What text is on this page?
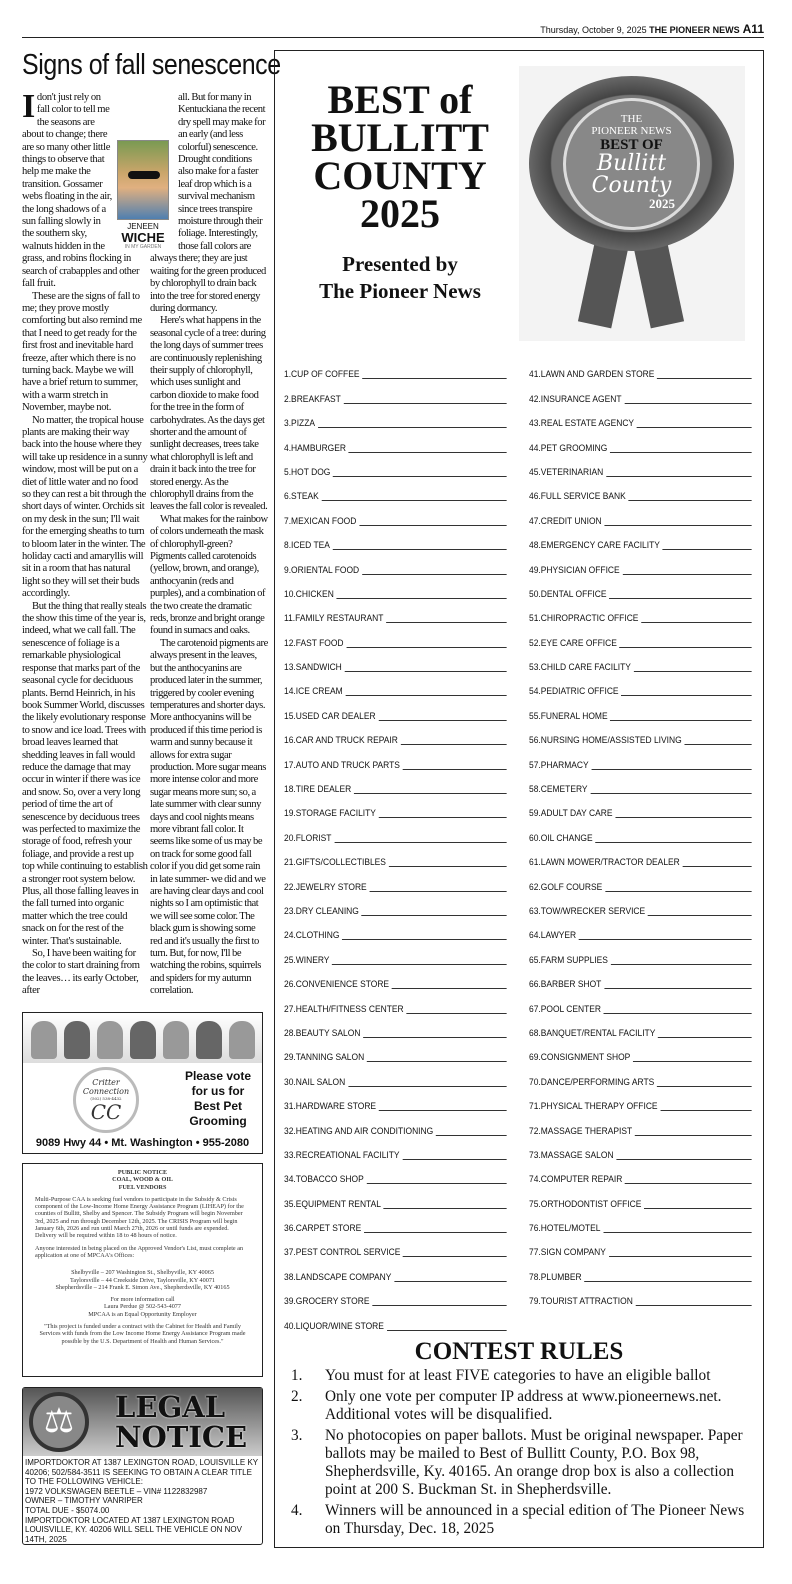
Thursday, October 9, 2025 THE PIONEER NEWS A11
Signs of fall senescence
I don't just rely on fall color to tell me the seasons are about to change; there are so many other little things to observe that help me make the transition. Gossamer webs floating in the air, the long shadows of a sun falling slowly in the southern sky, walnuts hidden in the grass, and robins flocking in search of crabapples and other fall fruit.

These are the signs of fall to me; they prove mostly comforting but also remind me that I need to get ready for the first frost and inevitable hard freeze, after which there is no turning back. Maybe we will have a brief return to summer, with a warm stretch in November, maybe not.

No matter, the tropical house plants are making their way back into the house where they will take up residence in a sunny window, most will be put on a diet of little water and no food so they can rest a bit through the short days of winter. Orchids sit on my desk in the sun; I'll wait for the emerging sheaths to turn to bloom later in the winter. The holiday cacti and amaryllis will sit in a room that has natural light so they will set their buds accordingly.

But the thing that really steals the show this time of the year is, indeed, what we call fall. The senescence of foliage is a remarkable physiological response that marks part of the seasonal cycle for deciduous plants. Bernd Heinrich, in his book Summer World, discusses the likely evolutionary response to snow and ice load. Trees with broad leaves learned that shedding leaves in fall would reduce the damage that may occur in winter if there was ice and snow. So, over a very long period of time the art of senescence by deciduous trees was perfected to maximize the storage of food, refresh your foliage, and provide a rest up top while continuing to establish a stronger root system below. Plus, all those falling leaves in the fall turned into organic matter which the tree could snack on for the rest of the winter. That's sustainable.

So, I have been waiting for the color to start draining from the leaves… its early October, after

all. But for many in Kentuckiana the recent dry spell may make for an early (and less colorful) senescence. Drought conditions also make for a faster leaf drop which is a survival mechanism since trees transpire moisture through their foliage. Interestingly, those fall colors are always there; they are just waiting for the green produced by chlorophyll to drain back into the tree for stored energy during dormancy.

Here's what happens in the seasonal cycle of a tree: during the long days of summer trees are continuously replenishing their supply of chlorophyll, which uses sunlight and carbon dioxide to make food for the tree in the form of carbohydrates. As the days get shorter and the amount of sunlight decreases, trees take what chlorophyll is left and drain it back into the tree for stored energy. As the chlorophyll drains from the leaves the fall color is revealed.

What makes for the rainbow of colors underneath the mask of chlorophyll-green? Pigments called carotenoids (yellow, brown, and orange), anthocyanin (reds and purples), and a combination of the two create the dramatic reds, bronze and bright orange found in sumacs and oaks.

The carotenoid pigments are always present in the leaves, but the anthocyanins are produced later in the summer, triggered by cooler evening temperatures and shorter days. More anthocyanins will be produced if this time period is warm and sunny because it allows for extra sugar production. More sugar means more intense color and more sugar means more sun; so, a late summer with clear sunny days and cool nights means more vibrant fall color. It seems like some of us may be on track for some good fall color if you did get some rain in late summer- we did and we are having clear days and cool nights so I am optimistic that we will see some color. The black gum is showing some red and it's usually the first to turn. But, for now, I'll be watching the robins, squirrels and spiders for my autumn correlation.

JENEEN
WICHE
IN MY GARDEN
Critter Connection
(502) 538-4432
CC
Please vote
for us for
Best Pet
Grooming
9089 Hwy 44 • Mt. Washington • 955-2080
PUBLIC NOTICE
COAL, WOOD & OIL
FUEL VENDORS

Multi-Purpose CAA is seeking fuel vendors to participate in the Subsidy & Crisis component of the Low-Income Home Energy Assistance Program (LIHEAP) for the counties of Bullitt, Shelby and Spencer. The Subsidy Program will begin November 3rd, 2025 and run through December 12th, 2025. The CRISIS Program will begin January 6th, 2026 and run until March 27th, 2026 or until funds are expended. Delivery will be required within 18 to 48 hours of notice.

Anyone interested in being placed on the Approved Vendor's List, must complete an application at one of MPCAA's Offices:

Shelbyville – 207 Washington St., Shelbyville, KY 40065
Taylorsville – 44 Creekside Drive, Taylorsville, KY 40071
Shepherdsville – 214 Frank E. Simon Ave., Shepherdsville, KY 40165
For more information call
Laura Perdue @ 502-543-4077
MPCAA is an Equal Opportunity Employer
"This project is funded under a contract with the Cabinet for Health and Family Services with funds from the Low Income Home Energy Assistance Program made possible by the U.S. Department of Health and Human Services."
⚖	LEGAL
NOTICE
IMPORTDOKTOR AT 1387 LEXINGTON ROAD, LOUISVILLE KY 40206; 502/584-3511 IS SEEKING TO OBTAIN A CLEAR TITLE TO THE FOLLOWING VEHICLE:
1972 VOLKSWAGEN BEETLE – VIN# 1122832987
OWNER – TIMOTHY VANRIPER
TOTAL DUE - $5074.00
IMPORTDOKTOR LOCATED AT 1387 LEXINGTON ROAD LOUISVILLE, KY. 40206 WILL SELL THE VEHICLE ON NOV 14TH, 2025
BEST of
BULLITT
COUNTY
2025
Presented by
The Pioneer News
THE
PIONEER NEWS
BEST OF
Bullitt
County
2025
1. CUP OF COFFEE
2. BREAKFAST
3. PIZZA
4. HAMBURGER
5. HOT DOG
6. STEAK
7. MEXICAN FOOD
8. ICED TEA
9. ORIENTAL FOOD
10. CHICKEN
11. FAMILY RESTAURANT
12. FAST FOOD
13. SANDWICH
14. ICE CREAM
15. USED CAR DEALER
16. CAR AND TRUCK REPAIR
17. AUTO AND TRUCK PARTS
18. TIRE DEALER
19. STORAGE FACILITY
20. FLORIST
21. GIFTS/COLLECTIBLES
22. JEWELRY STORE
23. DRY CLEANING
24. CLOTHING
25. WINERY
26. CONVENIENCE STORE
27. HEALTH/FITNESS CENTER
28. BEAUTY SALON
29. TANNING SALON
30. NAIL SALON
31. HARDWARE STORE
32. HEATING AND AIR CONDITIONING
33. RECREATIONAL FACILITY
34. TOBACCO SHOP
35. EQUIPMENT RENTAL
36. CARPET STORE
37. PEST CONTROL SERVICE
38. LANDSCAPE COMPANY
39. GROCERY STORE
40. LIQUOR/WINE STORE
41. LAWN AND GARDEN STORE
42. INSURANCE AGENT
43. REAL ESTATE AGENCY
44. PET GROOMING
45. VETERINARIAN
46. FULL SERVICE BANK
47. CREDIT UNION
48. EMERGENCY CARE FACILITY
49. PHYSICIAN OFFICE
50. DENTAL OFFICE
51. CHIROPRACTIC OFFICE
52. EYE CARE OFFICE
53. CHILD CARE FACILITY
54. PEDIATRIC OFFICE
55. FUNERAL HOME
56. NURSING HOME/ASSISTED LIVING
57. PHARMACY
58. CEMETERY
59. ADULT DAY CARE
60. OIL CHANGE
61. LAWN MOWER/TRACTOR DEALER
62. GOLF COURSE
63. TOW/WRECKER SERVICE
64. LAWYER
65. FARM SUPPLIES
66. BARBER SHOT
67. POOL CENTER
68. BANQUET/RENTAL FACILITY
69. CONSIGNMENT SHOP
70. DANCE/PERFORMING ARTS
71. PHYSICAL THERAPY OFFICE
72. MASSAGE THERAPIST
73. MASSAGE SALON
74. COMPUTER REPAIR
75. ORTHODONTIST OFFICE
76. HOTEL/MOTEL
77. SIGN COMPANY
78. PLUMBER
79. TOURIST ATTRACTION
CONTEST RULES
1.	You must for at least FIVE categories to have an eligible ballot
2.	Only one vote per computer IP address at www.pioneernews.net. Additional votes will be disqualified.
3.	No photocopies on paper ballots. Must be original newspaper. Paper ballots may be mailed to Best of Bullitt County, P.O. Box 98, Shepherdsville, Ky. 40165. An orange drop box is also a collection point at 200 S. Buckman St. in Shepherdsville.
4.	Winners will be announced in a special edition of The Pioneer News on Thursday, Dec. 18, 2025
